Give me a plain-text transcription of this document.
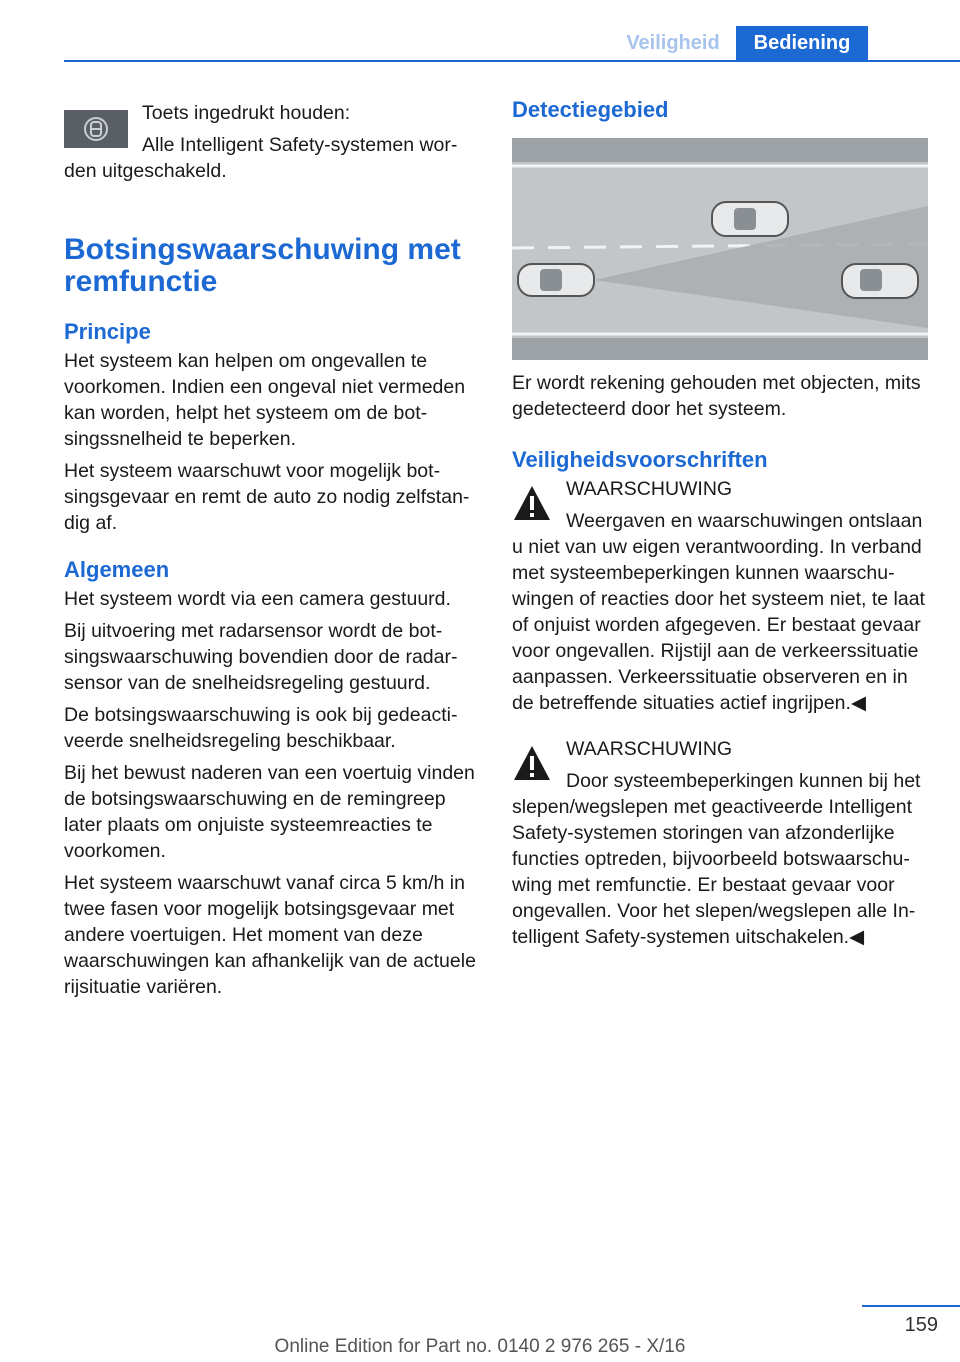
Veiligheid	Bediening

Toets ingedrukt houden:

Alle Intelligent Safety-systemen worden uitgeschakeld.

Botsingswaarschuwing met remfunctie
Principe

Het systeem kan helpen om ongevallen te voorkomen. Indien een ongeval niet vermeden kan worden, helpt het systeem om de botsingssnelheid te beperken.

Het systeem waarschuwt voor mogelijk botsingsgevaar en remt de auto zo nodig zelfstandig af.

Algemeen

Het systeem wordt via een camera gestuurd.

Bij uitvoering met radarsensor wordt de botsingswaarschuwing bovendien door de radarsensor van de snelheidsregeling gestuurd.

De botsingswaarschuwing is ook bij gedeactiveerde snelheidsregeling beschikbaar.

Bij het bewust naderen van een voertuig vinden de botsingswaarschuwing en de remingreep later plaats om onjuiste systeemreacties te voorkomen.

Het systeem waarschuwt vanaf circa 5 km/h in twee fasen voor mogelijk botsingsgevaar met andere voertuigen. Het moment van deze waarschuwingen kan afhankelijk van de actuele rijsituatie variëren.

Detectiegebied

Er wordt rekening gehouden met objecten, mits gedetecteerd door het systeem.

Veiligheidsvoorschriften

WAARSCHUWING

Weergaven en waarschuwingen ontslaan u niet van uw eigen verantwoording. In verband met systeembeperkingen kunnen waarschuwingen of reacties door het systeem niet, te laat of onjuist worden afgegeven. Er bestaat gevaar voor ongevallen. Rijstijl aan de verkeerssituatie aanpassen. Verkeerssituatie observeren en in de betreffende situaties actief ingrijpen.◀

WAARSCHUWING

Door systeembeperkingen kunnen bij het slepen/wegslepen met geactiveerde Intelligent Safety-systemen storingen van afzonderlijke functies optreden, bijvoorbeeld botswaarschuwing met remfunctie. Er bestaat gevaar voor ongevallen. Voor het slepen/wegslepen alle Intelligent Safety-systemen uitschakelen.◀

159
Online Edition for Part no. 0140 2 976 265 - X/16
